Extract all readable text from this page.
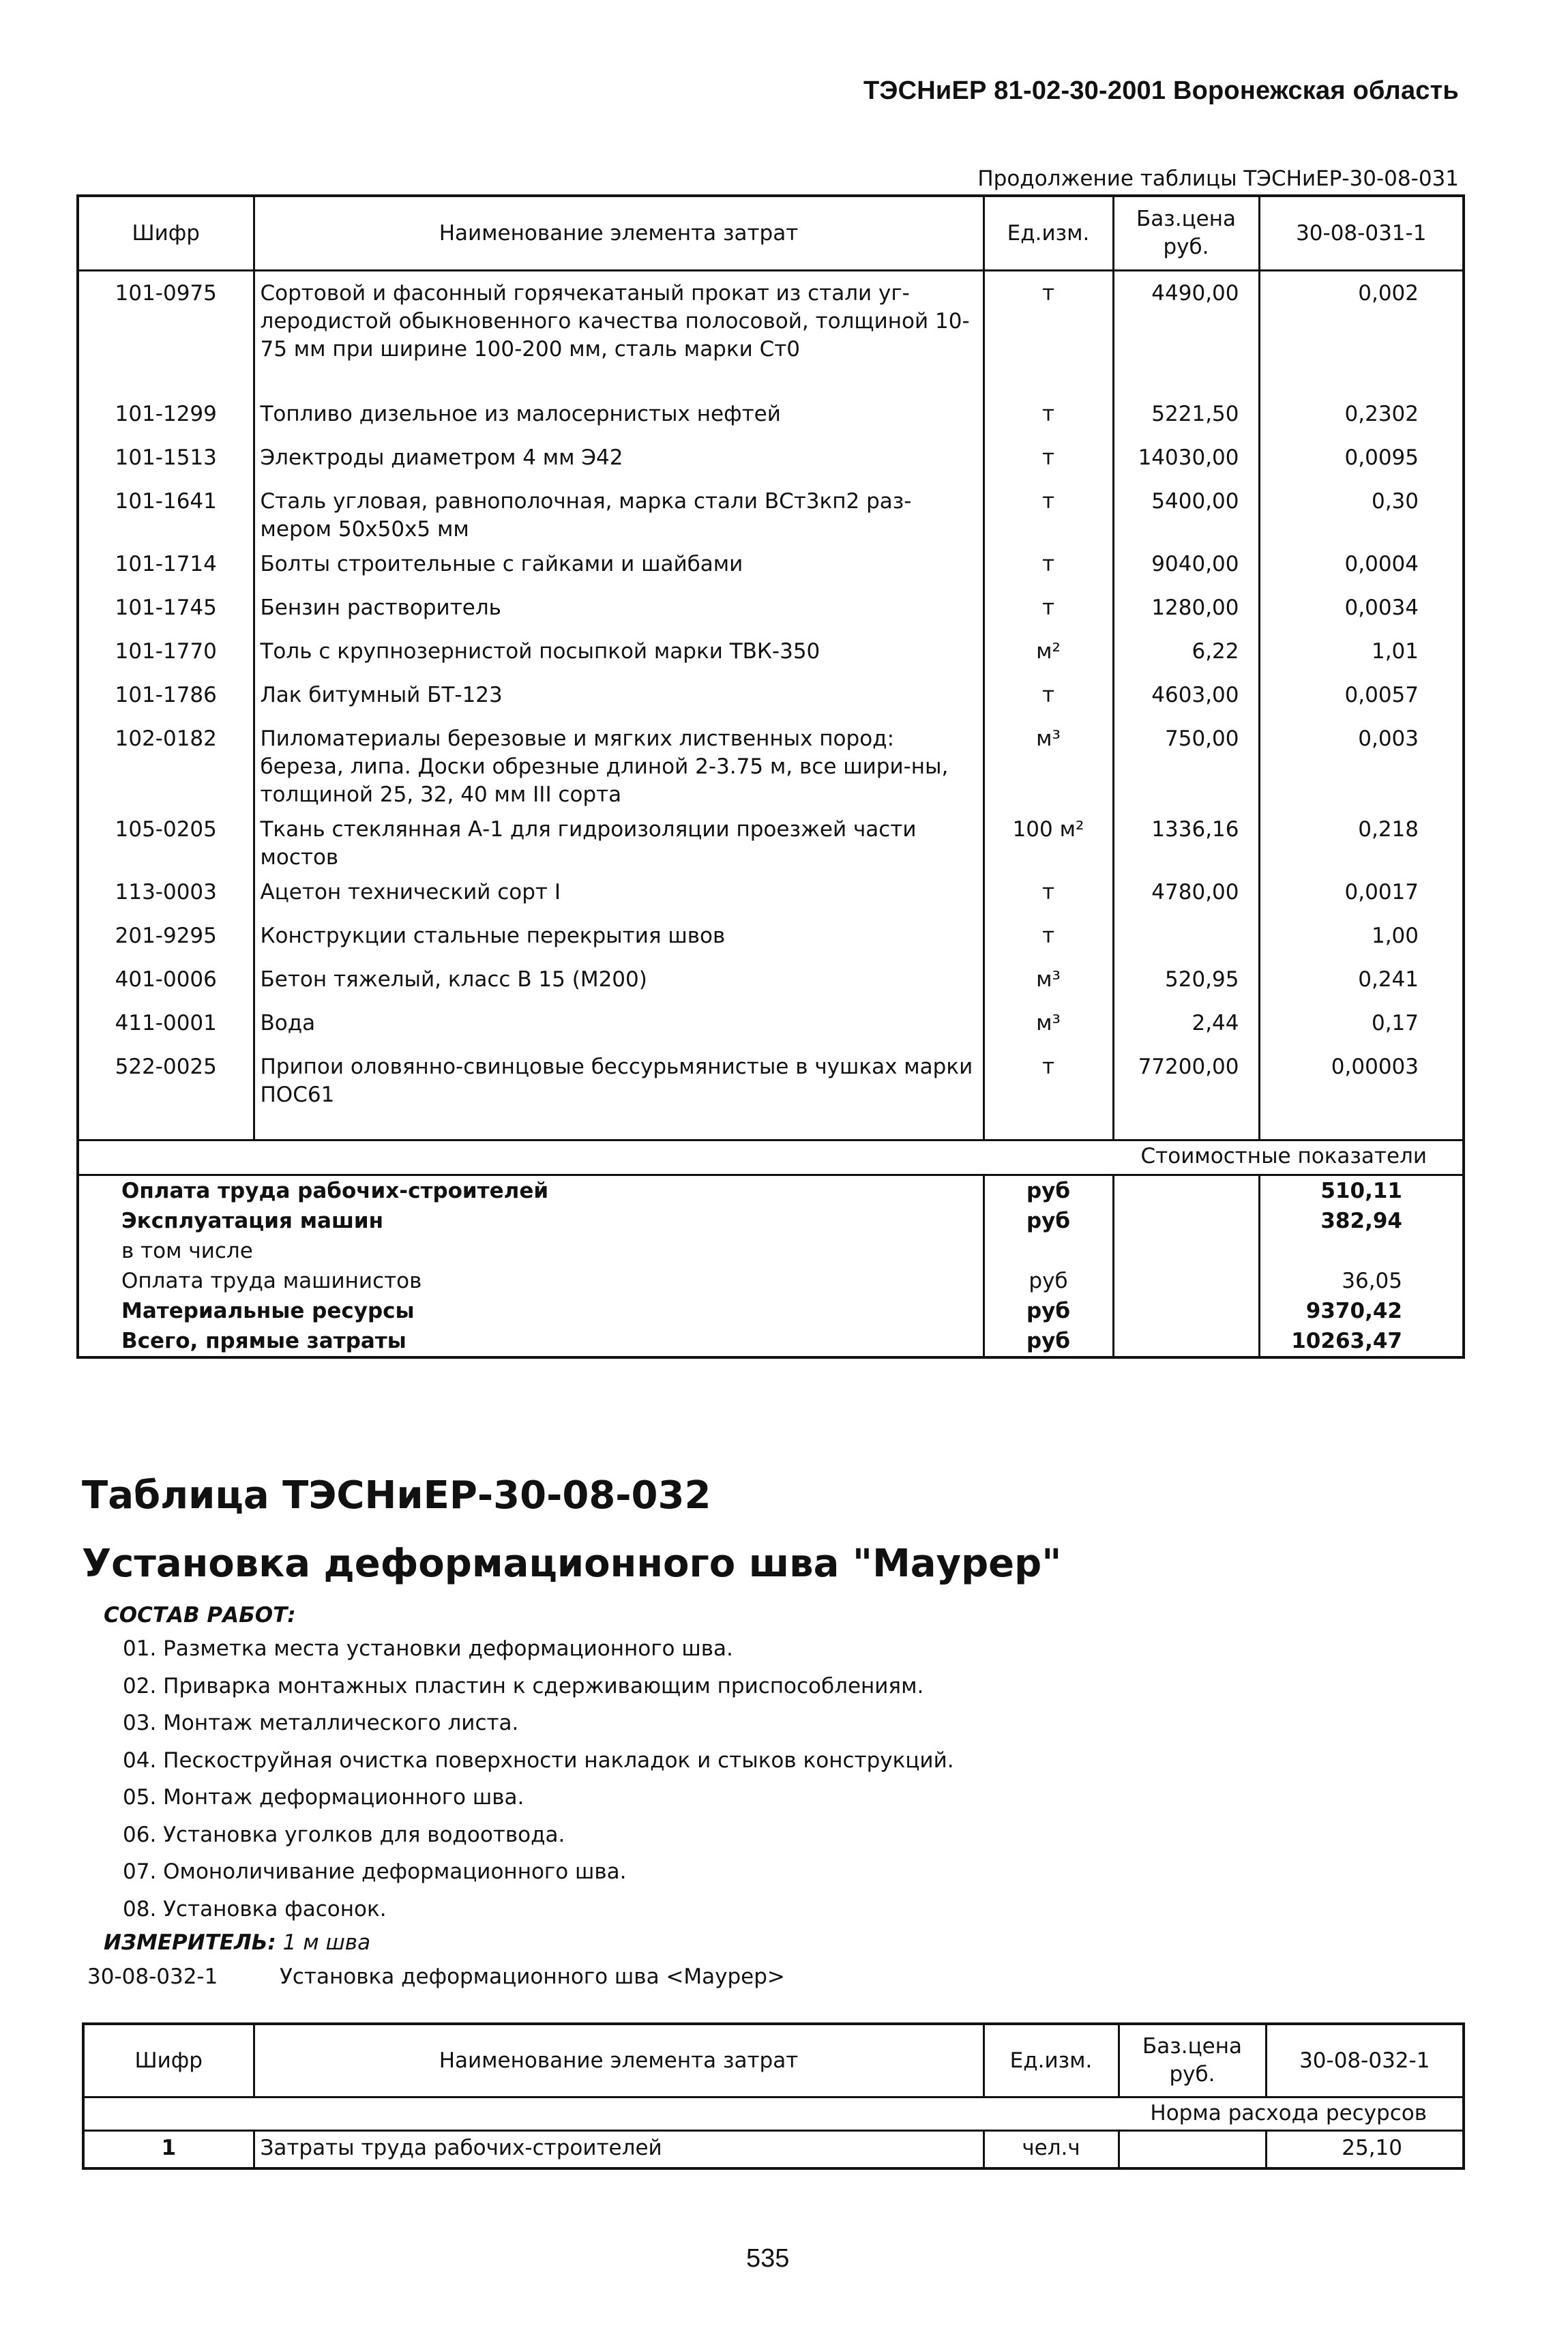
ТЭСНиЕР 81-02-30-2001 Воронежская область
Продолжение таблицы ТЭСНиЕР-30-08-031
Шифр	Наименование элемента затрат	Ед.изм.	Баз.цена руб.	30-08-031-1
101-0975	Сортовой и фасонный горячекатаный прокат из стали уг-леродистой обыкновенного качества полосовой, толщиной 10-75 мм при ширине 100-200 мм, сталь марки Ст0	т	4490,00	0,002

101-1299	Топливо дизельное из малосернистых нефтей	т	5221,50	0,2302
101-1513	Электроды диаметром 4 мм Э42	т	14030,00	0,0095
101-1641	Сталь угловая, равнополочная, марка стали ВСт3кп2 раз-мером 50х50х5 мм	т	5400,00	0,30
101-1714	Болты строительные с гайками и шайбами	т	9040,00	0,0004
101-1745	Бензин растворитель	т	1280,00	0,0034
101-1770	Толь с крупнозернистой посыпкой марки ТВК-350	м²	6,22	1,01
101-1786	Лак битумный БТ-123	т	4603,00	0,0057
102-0182	Пиломатериалы березовые и мягких лиственных пород: береза, липа. Доски обрезные длиной 2-3.75 м, все шири-ны, толщиной 25, 32, 40 мм III сорта	м³	750,00	0,003
105-0205	Ткань стеклянная А-1 для гидроизоляции проезжей части мостов	100 м²	1336,16	0,218
113-0003	Ацетон технический сорт I	т	4780,00	0,0017
201-9295	Конструкции стальные перекрытия швов	т		1,00
401-0006	Бетон тяжелый, класс В 15 (М200)	м³	520,95	0,241
411-0001	Вода	м³	2,44	0,17
522-0025	Припои оловянно-свинцовые бессурьмянистые в чушках марки ПОС61	т	77200,00	0,00003

Стоимостные показатели				
Оплата труда рабочих-строителей		руб		510,11
Эксплуатация машин		руб		382,94
в том числе				
Оплата труда машинистов		руб		36,05
Материальные ресурсы		руб		9370,42
Всего, прямые затраты		руб		10263,47
Таблица ТЭСНиЕР-30-08-032
Установка деформационного шва "Маурер"
СОСТАВ РАБОТ:
01. Разметка места установки деформационного шва.
02. Приварка монтажных пластин к сдерживающим приспособлениям.
03. Монтаж металлического листа.
04. Пескоструйная очистка поверхности накладок и стыков конструкций.
05. Монтаж деформационного шва.
06. Установка уголков для водоотвода.
07. Омоноличивание деформационного шва.
08. Установка фасонок.
ИЗМЕРИТЕЛЬ: 1 м шва
30-08-032-1	Установка деформационного шва <Маурер>
Шифр	Наименование элемента затрат	Ед.изм.	Баз.цена руб.	30-08-032-1
Норма расхода ресурсов				
1	Затраты труда рабочих-строителей	чел.ч		25,10
535
